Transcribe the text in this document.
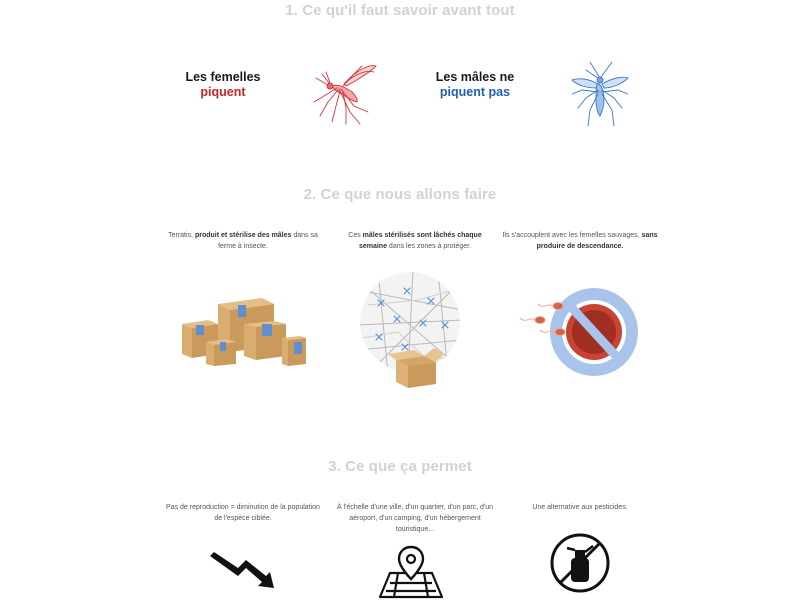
1. Ce qu'il faut savoir avant tout
Les femelles
piquent
Les mâles ne
piquent pas
2. Ce que nous allons faire
Terratis, produit et stérilise des mâles dans sa ferme à insecte.
Ces mâles stérilisés sont lâchés chaque semaine dans les zones à protéger.
Ils s'accouplent avec les femelles sauvages, sans produire de descendance.
3. Ce que ça permet
Pas de reproduction = diminution de la population de l'espèce ciblée.
À l'échelle d'une ville, d'un quartier, d'un parc, d'un aéroport, d'un camping, d'un hébergement touristique...
Une alternative aux pesticides.
